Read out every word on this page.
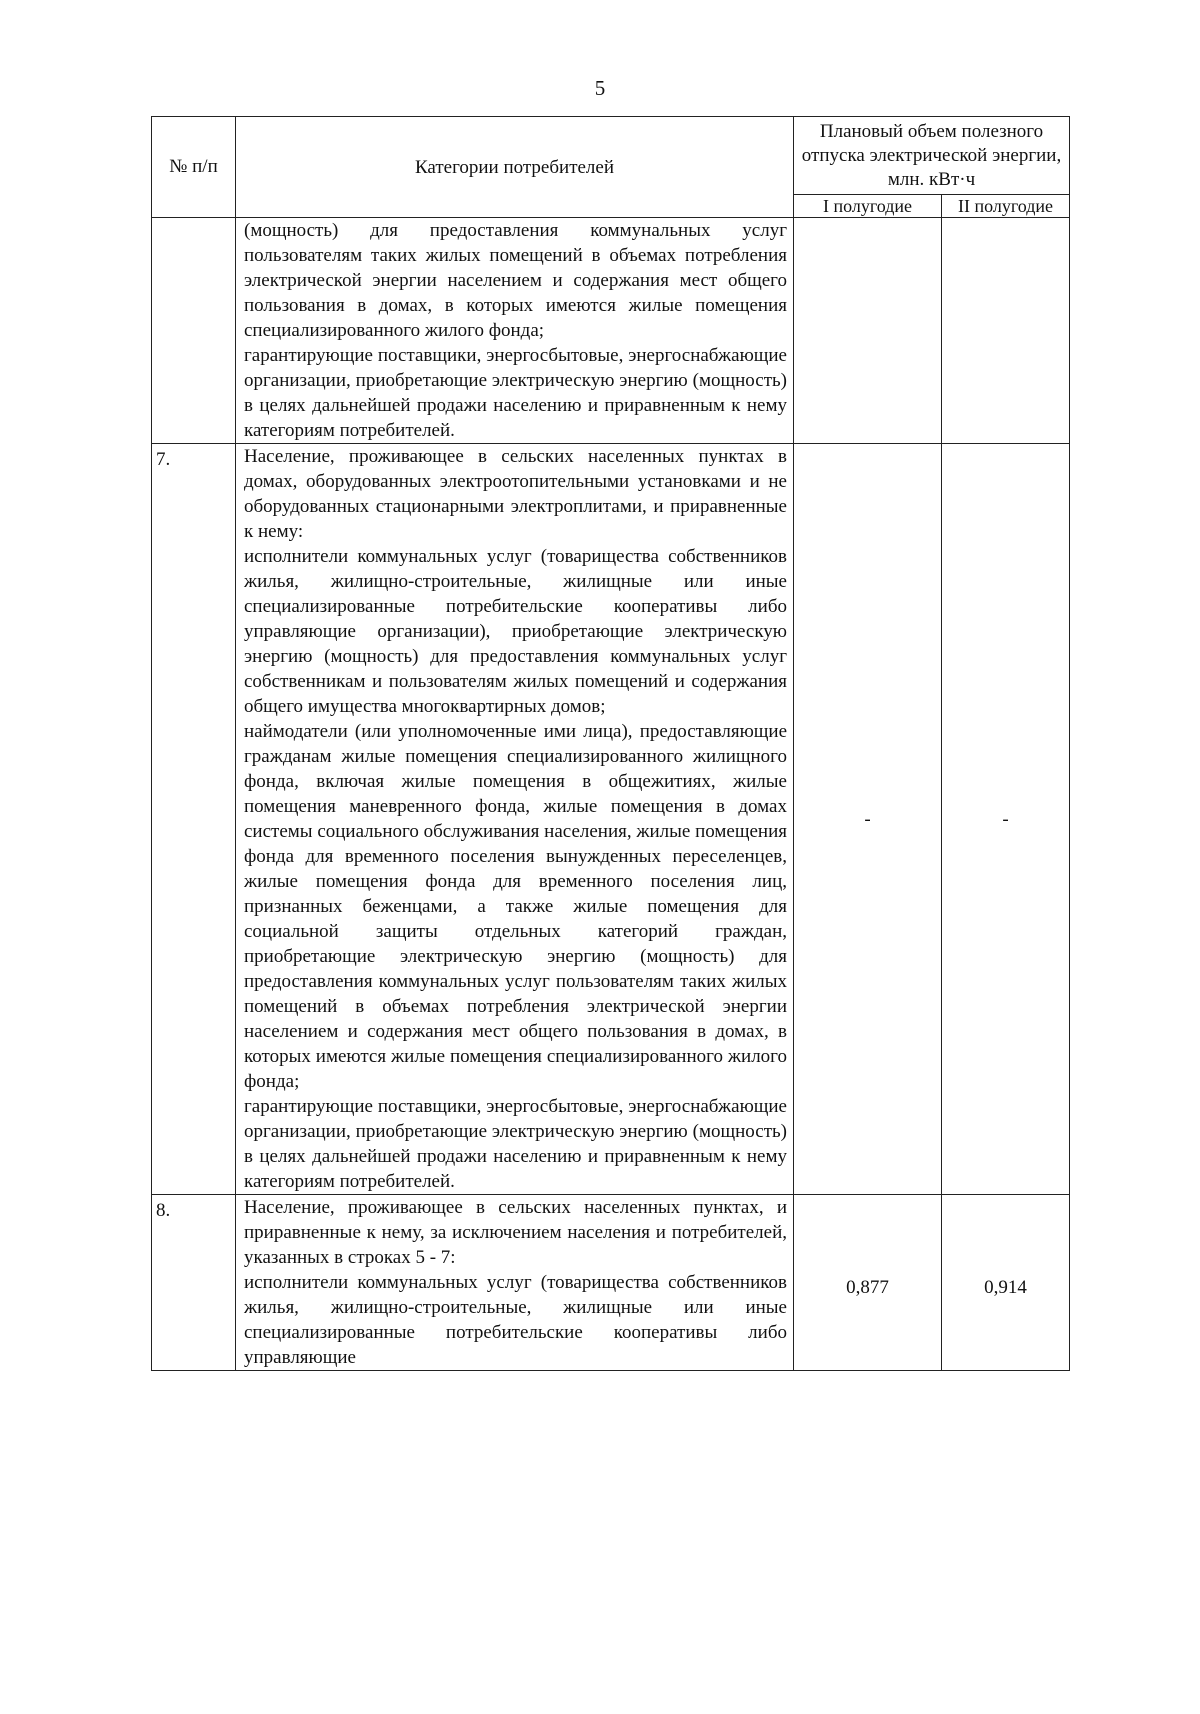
5
№ п/п	Категории потребителей	Плановый объем полезного отпуска электрической энергии, млн. кВт·ч	
		I полугодие	II полугодие

	(мощность) для предоставления коммунальных услуг пользователям таких жилых помещений в объемах потребления электрической энергии населением и содержания мест общего пользования в домах, в которых имеются жилые помещения специализированного жилого фонда;

гарантирующие поставщики, энергосбытовые, энергоснабжающие организации, приобретающие электрическую энергию (мощность) в целях дальнейшей продажи населению и приравненным к нему категориям потребителей.		

7.	Население, проживающее в сельских населенных пунктах в домах, оборудованных электроотопительными установками и не оборудованных стационарными электроплитами, и приравненные к нему:

исполнители коммунальных услуг (товарищества собственников жилья, жилищно-строительные, жилищные или иные специализированные потребительские кооперативы либо управляющие организации), приобретающие электрическую энергию (мощность) для предоставления коммунальных услуг собственникам и пользователям жилых помещений и содержания общего имущества многоквартирных домов;

наймодатели (или уполномоченные ими лица), предоставляющие гражданам жилые помещения специализированного жилищного фонда, включая жилые помещения в общежитиях, жилые помещения маневренного фонда, жилые помещения в домах системы социального обслуживания населения, жилые помещения фонда для временного поселения вынужденных переселенцев, жилые помещения фонда для временного поселения лиц, признанных беженцами, а также жилые помещения для социальной защиты отдельных категорий граждан, приобретающие электрическую энергию (мощность) для предоставления коммунальных услуг пользователям таких жилых помещений в объемах потребления электрической энергии населением и содержания мест общего пользования в домах, в которых имеются жилые помещения специализированного жилого фонда;

гарантирующие поставщики, энергосбытовые, энергоснабжающие организации, приобретающие электрическую энергию (мощность) в целях дальнейшей продажи населению и приравненным к нему категориям потребителей.	-	-
8.	Население, проживающее в сельских населенных пунктах, и приравненные к нему, за исключением населения и потребителей, указанных в строках 5 - 7:

исполнители коммунальных услуг (товарищества собственников жилья, жилищно-строительные, жилищные или иные специализированные потребительские кооперативы либо управляющие	0,877	0,914
